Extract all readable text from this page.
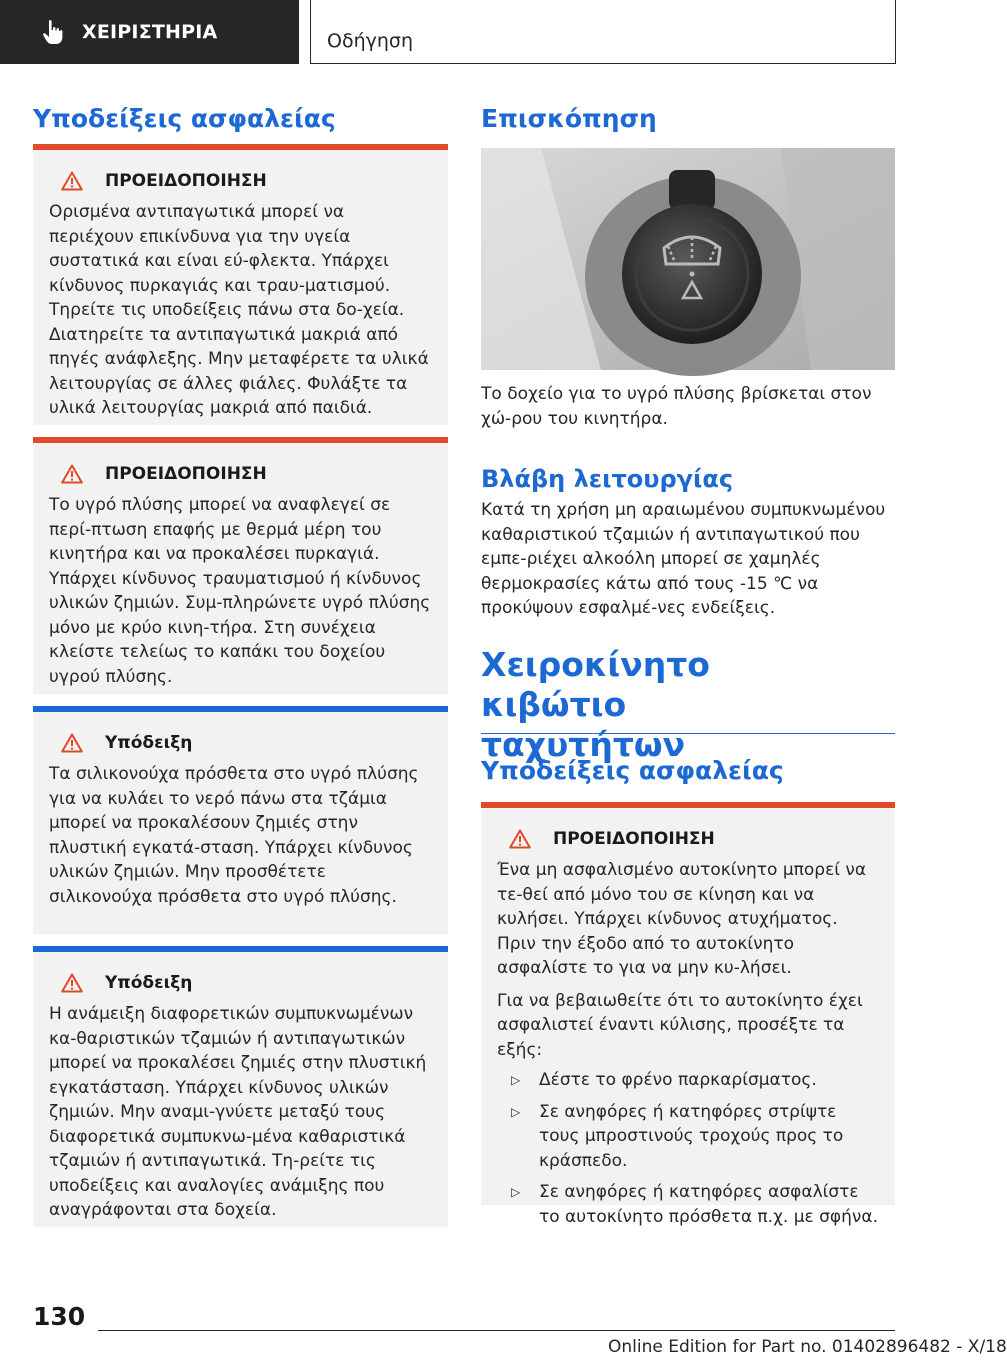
ΧΕΙΡΙΣΤΗΡΙΑ	Οδήγηση
Υποδείξεις ασφαλείας
ΠΡΟΕΙΔΟΠΟΙΗΣΗ

Ορισμένα αντιπαγωτικά μπορεί να περιέχουν επικίνδυνα για την υγεία συστατικά και είναι εύ-φλεκτα. Υπάρχει κίνδυνος πυρκαγιάς και τραυ-ματισμού. Τηρείτε τις υποδείξεις πάνω στα δο-χεία. Διατηρείτε τα αντιπαγωτικά μακριά από πηγές ανάφλεξης. Μην μεταφέρετε τα υλικά λειτουργίας σε άλλες φιάλες. Φυλάξτε τα υλικά λειτουργίας μακριά από παιδιά.

ΠΡΟΕΙΔΟΠΟΙΗΣΗ

Το υγρό πλύσης μπορεί να αναφλεγεί σε περί-πτωση επαφής με θερμά μέρη του κινητήρα και να προκαλέσει πυρκαγιά. Υπάρχει κίνδυνος τραυματισμού ή κίνδυνος υλικών ζημιών. Συμ-πληρώνετε υγρό πλύσης μόνο με κρύο κινη-τήρα. Στη συνέχεια κλείστε τελείως το καπάκι του δοχείου υγρού πλύσης.

Υπόδειξη

Τα σιλικονούχα πρόσθετα στο υγρό πλύσης για να κυλάει το νερό πάνω στα τζάμια μπορεί να προκαλέσουν ζημιές στην πλυστική εγκατά-σταση. Υπάρχει κίνδυνος υλικών ζημιών. Μην προσθέτετε σιλικονούχα πρόσθετα στο υγρό πλύσης.

Υπόδειξη

Η ανάμειξη διαφορετικών συμπυκνωμένων κα-θαριστικών τζαμιών ή αντιπαγωτικών μπορεί να προκαλέσει ζημιές στην πλυστική εγκατάσταση. Υπάρχει κίνδυνος υλικών ζημιών. Μην αναμι-γνύετε μεταξύ τους διαφορετικά συμπυκνω-μένα καθαριστικά τζαμιών ή αντιπαγωτικά. Τη-ρείτε τις υποδείξεις και αναλογίες ανάμιξης που αναγράφονται στα δοχεία.

Επισκόπηση

Το δοχείο για το υγρό πλύσης βρίσκεται στον χώ-ρου του κινητήρα.

Βλάβη λειτουργίας

Κατά τη χρήση μη αραιωμένου συμπυκνωμένου καθαριστικού τζαμιών ή αντιπαγωτικού που εμπε-ριέχει αλκοόλη μπορεί σε χαμηλές θερμοκρασίες κάτω από τους -15 ℃ να προκύψουν εσφαλμέ-νες ενδείξεις.

Χειροκίνητο κιβώτιο ταχυτήτων
Υποδείξεις ασφαλείας
ΠΡΟΕΙΔΟΠΟΙΗΣΗ

Ένα μη ασφαλισμένο αυτοκίνητο μπορεί να τε-θεί από μόνο του σε κίνηση και να κυλήσει. Υπάρχει κίνδυνος ατυχήματος. Πριν την έξοδο από το αυτοκίνητο ασφαλίστε το για να μην κυ-λήσει.

Για να βεβαιωθείτε ότι το αυτοκίνητο έχει ασφαλιστεί έναντι κύλισης, προσέξτε τα εξής:

▷	Δέστε το φρένο παρκαρίσματος.
▷	Σε ανηφόρες ή κατηφόρες στρίψτε τους μπροστινούς τροχούς προς το κράσπεδο.
▷	Σε ανηφόρες ή κατηφόρες ασφαλίστε το αυτοκίνητο πρόσθετα π.χ. με σφήνα.
130
Online Edition for Part no. 01402896482 - X/18
